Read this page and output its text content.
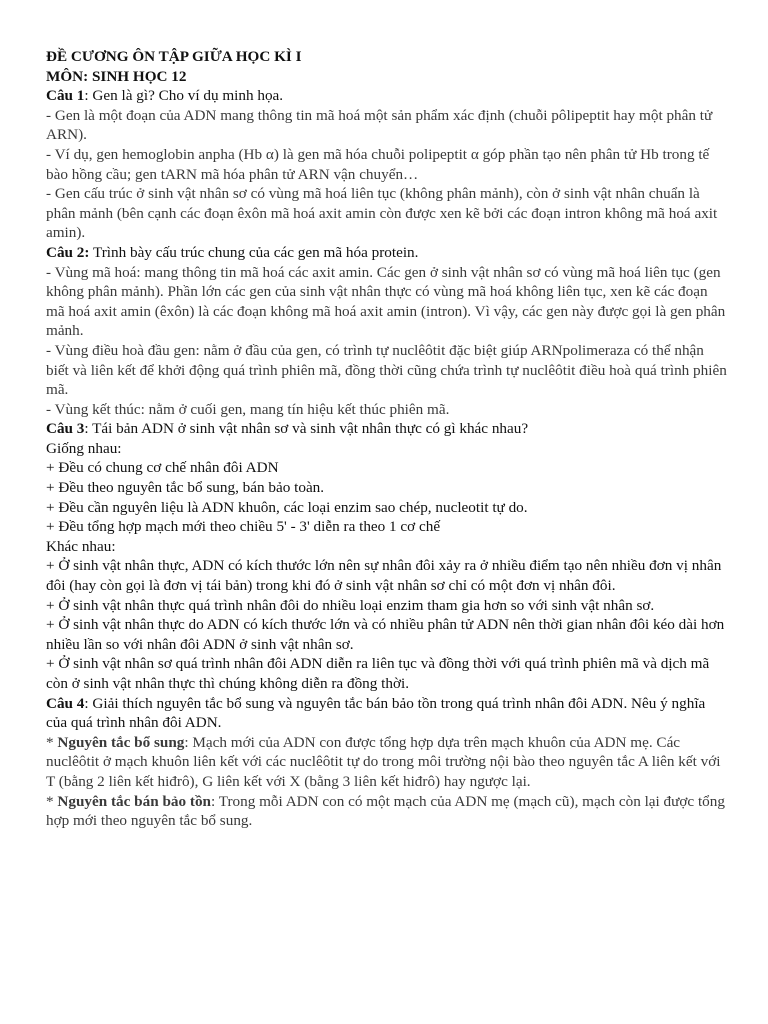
ĐỀ CƯƠNG ÔN TẬP GIỮA HỌC KÌ I
MÔN: SINH HỌC 12
Câu 1: Gen là gì? Cho ví dụ minh họa.
- Gen là một đoạn của ADN mang thông tin mã hoá một sản phẩm xác định (chuỗi pôlipeptit hay một phân tử ARN).
- Ví dụ, gen hemoglobin anpha (Hb α) là gen mã hóa chuỗi polipeptit α góp phần tạo nên phân tử Hb trong tế bào hồng cầu; gen tARN mã hóa phân tử ARN vận chuyển…
- Gen cấu trúc ở sinh vật nhân sơ có vùng mã hoá liên tục (không phân mảnh), còn ở sinh vật nhân chuẩn là phân mảnh (bên cạnh các đoạn êxôn mã hoá axit amin còn được xen kẽ bởi các đoạn intron không mã hoá axit amin).
Câu 2: Trình bày cấu trúc chung của các gen mã hóa protein.
- Vùng mã hoá: mang thông tin mã hoá các axit amin. Các gen ở sinh vật nhân sơ có vùng mã hoá liên tục (gen không phân mảnh). Phần lớn các gen của sinh vật nhân thực có vùng mã hoá không liên tục, xen kẽ các đoạn mã hoá axit amin (êxôn) là các đoạn không mã hoá axit amin (intron). Vì vậy, các gen này được gọi là gen phân mảnh.
- Vùng điều hoà đầu gen: nằm ở đầu của gen, có trình tự nuclêôtit đặc biệt giúp ARNpolimeraza có thể nhận biết và liên kết để khởi động quá trình phiên mã, đồng thời cũng chứa trình tự nuclêôtit điều hoà quá trình phiên mã.
- Vùng kết thúc: nằm ở cuối gen, mang tín hiệu kết thúc phiên mã.
Câu 3: Tái bản ADN ở sinh vật nhân sơ và sinh vật nhân thực có gì khác nhau?
Giống nhau:
+ Đều có chung cơ chế nhân đôi ADN
+ Đều theo nguyên tắc bổ sung, bán bảo toàn.
+ Đều cần nguyên liệu là ADN khuôn, các loại enzim sao chép, nucleotit tự do.
+ Đều tổng hợp mạch mới theo chiều 5' - 3' diễn ra theo 1 cơ chế
Khác nhau:
+ Ở sinh vật nhân thực, ADN có kích thước lớn nên sự nhân đôi xảy ra ở nhiều điểm tạo nên nhiều đơn vị nhân đôi (hay còn gọi là đơn vị tái bản) trong khi đó ở sinh vật nhân sơ chỉ có một đơn vị nhân đôi.
+ Ở sinh vật nhân thực quá trình nhân đôi do nhiều loại enzim tham gia hơn so với sinh vật nhân sơ.
+ Ở sinh vật nhân thực do ADN có kích thước lớn và có nhiều phân tử ADN nên thời gian nhân đôi kéo dài hơn nhiều lần so với nhân đôi ADN ở sinh vật nhân sơ.
+ Ở sinh vật nhân sơ quá trình nhân đôi ADN diễn ra liên tục và đồng thời với quá trình phiên mã và dịch mã còn ở sinh vật nhân thực thì chúng không diễn ra đồng thời.
Câu 4: Giải thích nguyên tắc bổ sung và nguyên tắc bán bảo tồn trong quá trình nhân đôi ADN. Nêu ý nghĩa của quá trình nhân đôi ADN.
* Nguyên tắc bổ sung: Mạch mới của ADN con được tổng hợp dựa trên mạch khuôn của ADN mẹ. Các nuclêôtit ở mạch khuôn liên kết với các nuclêôtit tự do trong môi trường nội bào theo nguyên tắc A liên kết với T (bằng 2 liên kết hiđrô), G liên kết với X (bằng 3 liên kết hiđrô) hay ngược lại.
* Nguyên tắc bán bảo tồn: Trong mỗi ADN con có một mạch của ADN mẹ (mạch cũ), mạch còn lại được tổng hợp mới theo nguyên tắc bổ sung.
